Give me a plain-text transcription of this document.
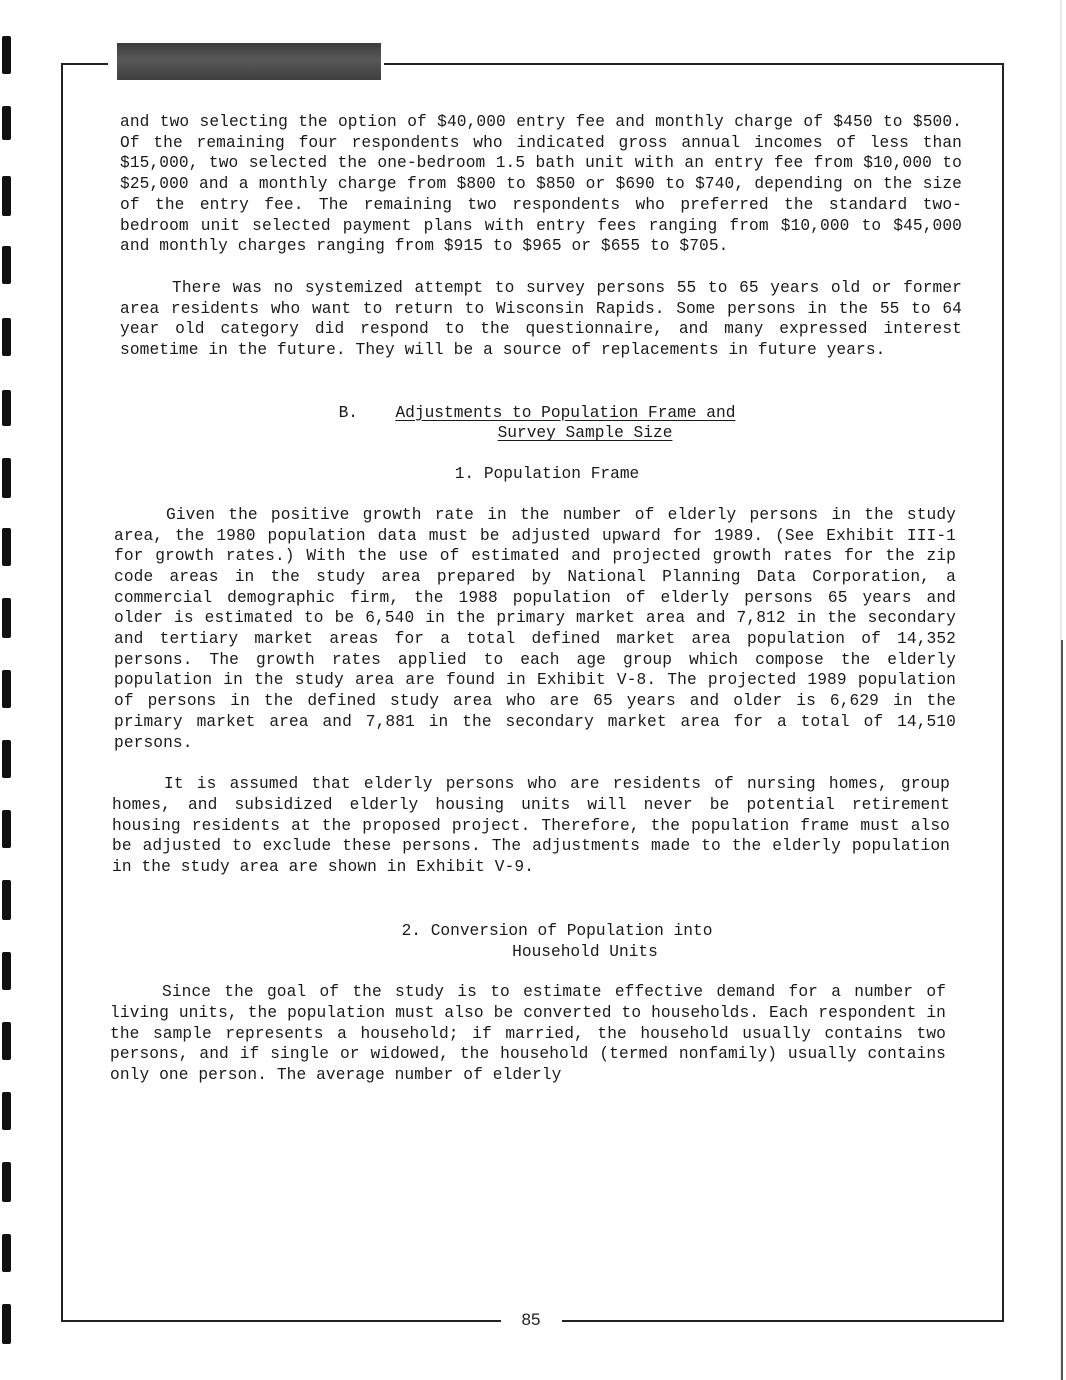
85

and two selecting the option of $40,000 entry fee and monthly charge of $450 to $500. Of the remaining four respondents who indicated gross annual incomes of less than $15,000, two selected the one-bedroom 1.5 bath unit with an entry fee from $10,000 to $25,000 and a monthly charge from $800 to $850 or $690 to $740, depending on the size of the entry fee. The remaining two respondents who preferred the standard two-bedroom unit selected payment plans with entry fees ranging from $10,000 to $45,000 and monthly charges ranging from $915 to $965 or $655 to $705.

There was no systemized attempt to survey persons 55 to 65 years old or former area residents who want to return to Wisconsin Rapids. Some persons in the 55 to 64 year old category did respond to the questionnaire, and many expressed interest sometime in the future. They will be a source of replacements in future years.

B. Adjustments to Population Frame and
Survey Sample Size
1. Population Frame

Given the positive growth rate in the number of elderly persons in the study area, the 1980 population data must be adjusted upward for 1989. (See Exhibit III-1 for growth rates.) With the use of estimated and projected growth rates for the zip code areas in the study area prepared by National Planning Data Corporation, a commercial demographic firm, the 1988 population of elderly persons 65 years and older is estimated to be 6,540 in the primary market area and 7,812 in the secondary and tertiary market areas for a total defined market area population of 14,352 persons. The growth rates applied to each age group which compose the elderly population in the study area are found in Exhibit V-8. The projected 1989 population of persons in the defined study area who are 65 years and older is 6,629 in the primary market area and 7,881 in the secondary market area for a total of 14,510 persons.

It is assumed that elderly persons who are residents of nursing homes, group homes, and subsidized elderly housing units will never be potential retirement housing residents at the proposed project. Therefore, the population frame must also be adjusted to exclude these persons. The adjustments made to the elderly population in the study area are shown in Exhibit V-9.

2. Conversion of Population into
Household Units

Since the goal of the study is to estimate effective demand for a number of living units, the population must also be converted to households. Each respondent in the sample represents a household; if married, the household usually contains two persons, and if single or widowed, the household (termed nonfamily) usually contains only one person. The average number of elderly
